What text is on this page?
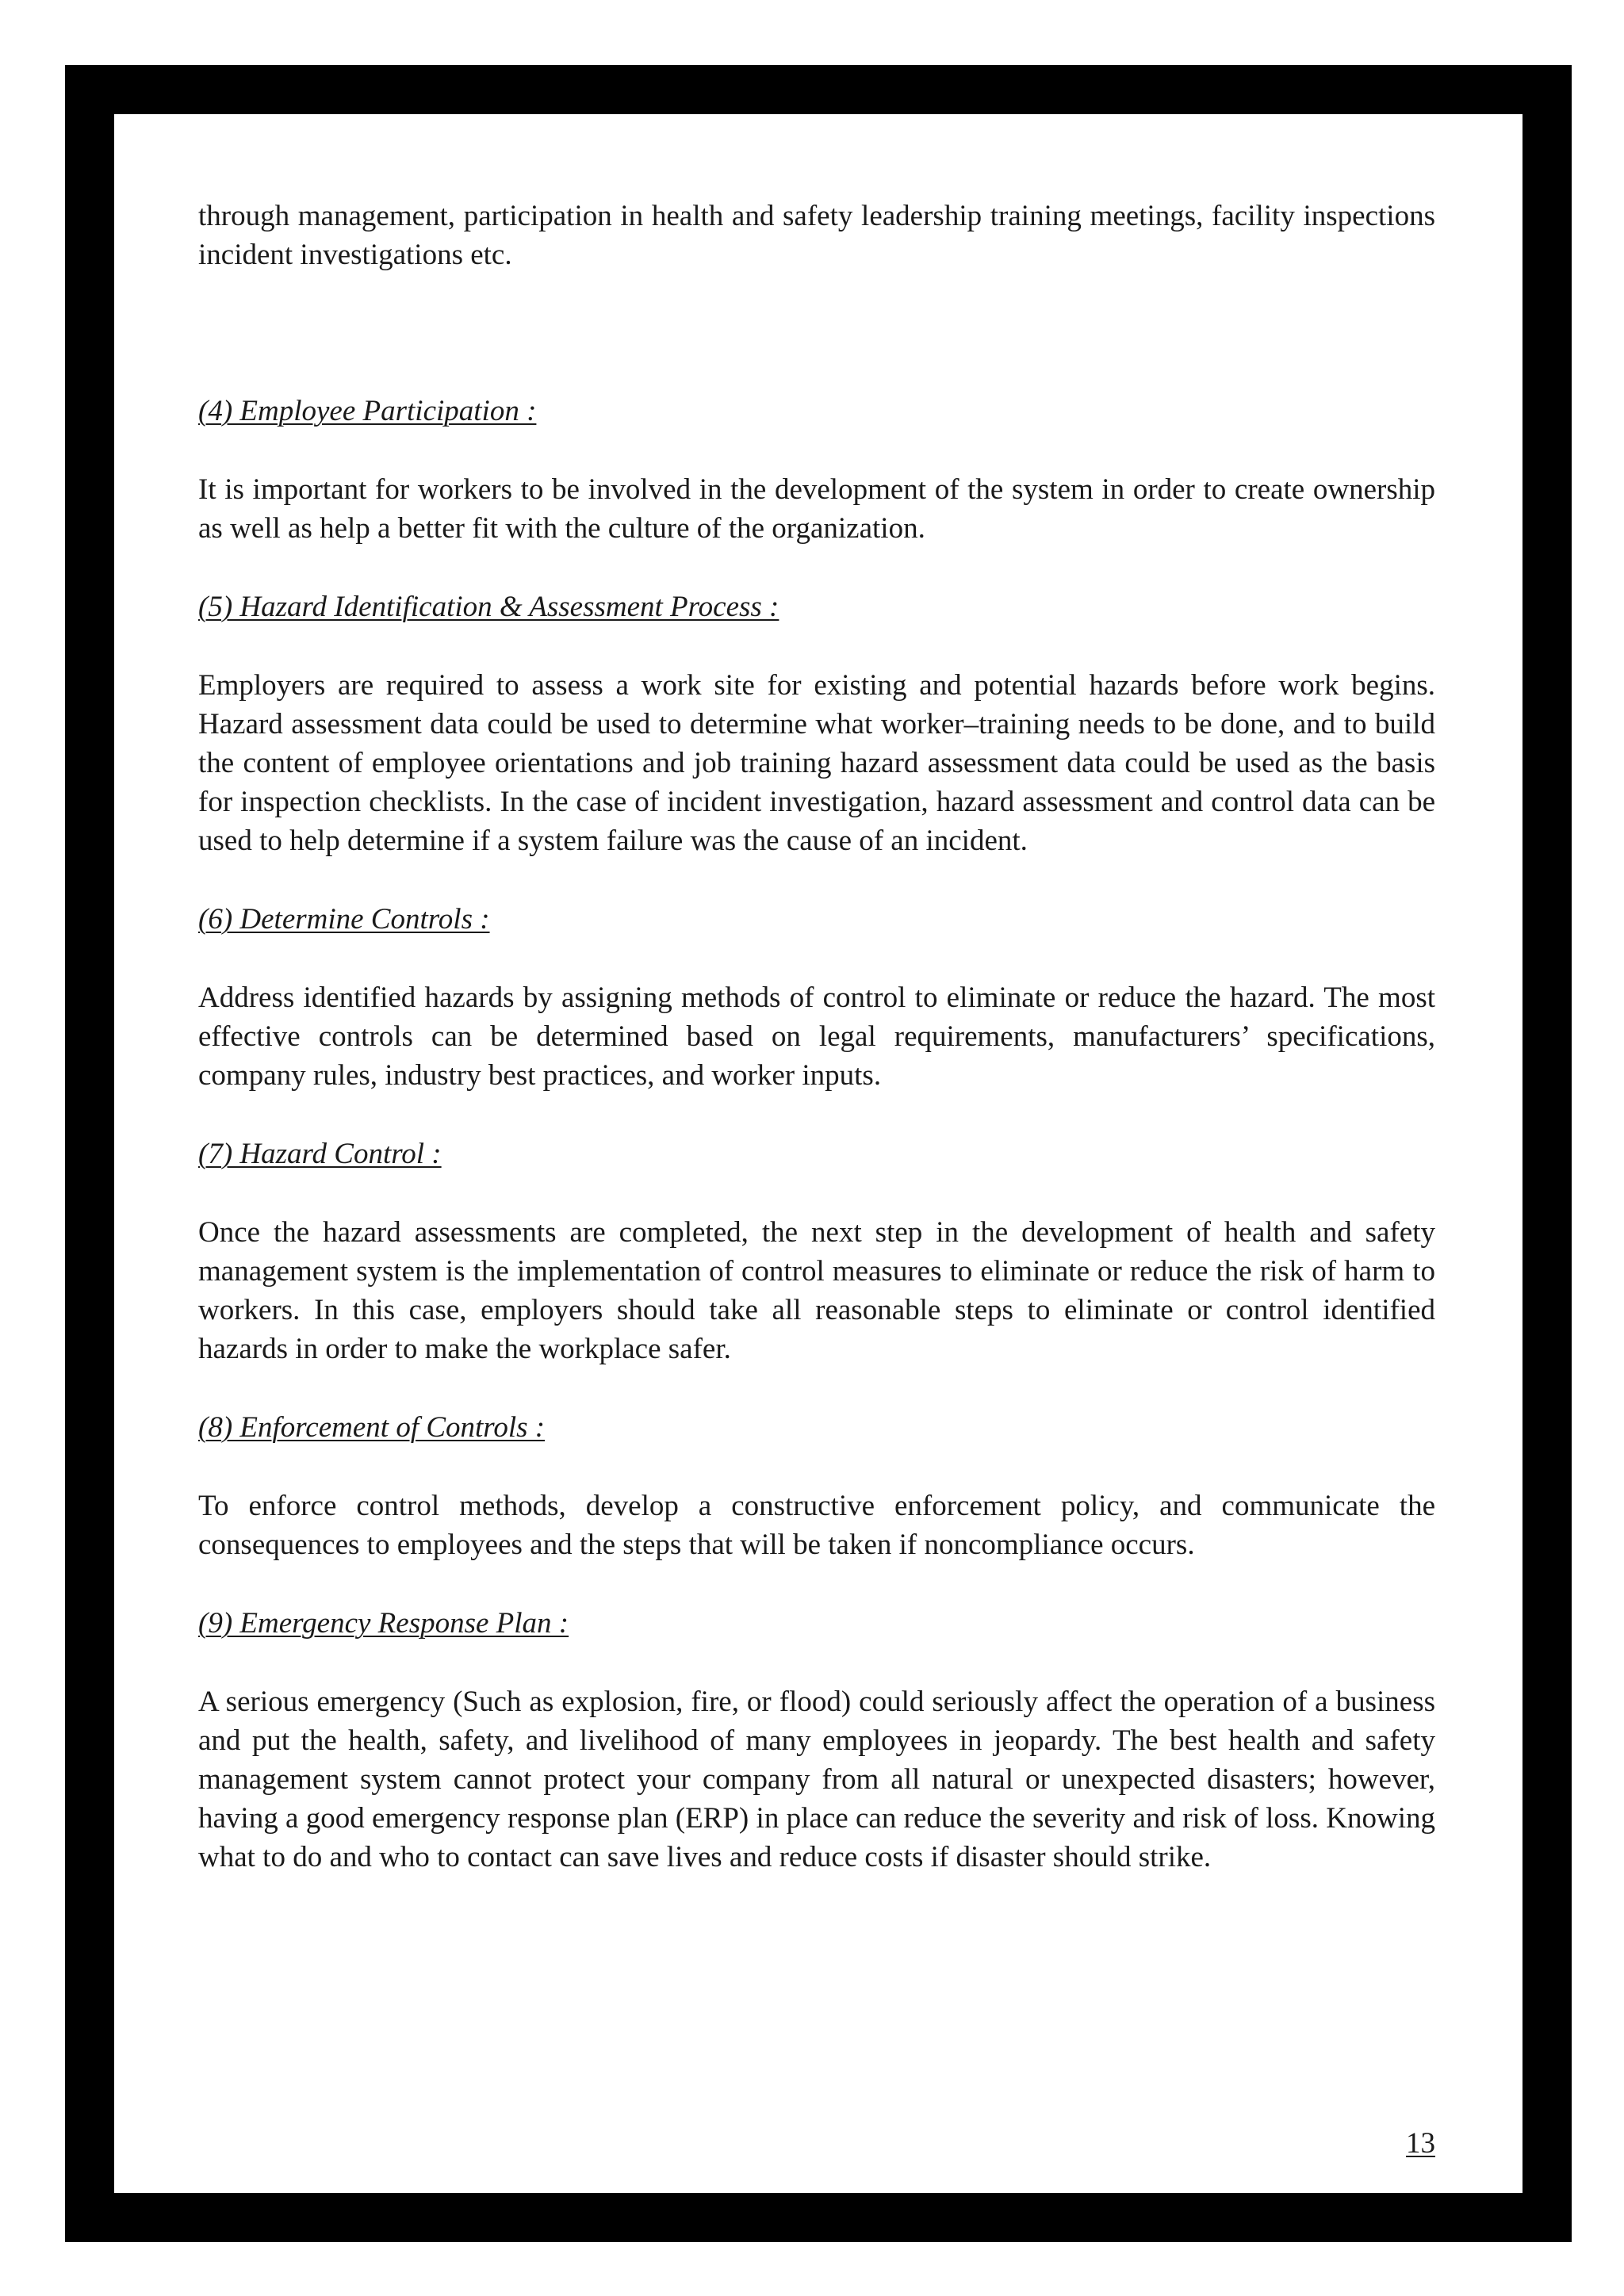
through management, participation in health and safety leadership training meetings, facility inspections incident investigations etc.

(4) Employee Participation :

It is important for workers to be involved in the development of the system in order to create ownership as well as help a better fit with the culture of the organization.

(5) Hazard Identification & Assessment Process :

Employers are required to assess a work site for existing and potential hazards before work begins. Hazard assessment data could be used to determine what worker–training needs to be done, and to build the content of employee orientations and job training hazard assessment data could be used as the basis for inspection checklists. In the case of incident investigation, hazard assessment and control data can be used to help determine if a system failure was the cause of an incident.

(6) Determine Controls :

Address identified hazards by assigning methods of control to eliminate or reduce the hazard. The most effective controls can be determined based on legal requirements, manufacturers’ specifications, company rules, industry best practices, and worker inputs.

(7) Hazard Control :

Once the hazard assessments are completed, the next step in the development of health and safety management system is the implementation of control measures to eliminate or reduce the risk of harm to workers. In this case, employers should take all reasonable steps to eliminate or control identified hazards in order to make the workplace safer.

(8) Enforcement of Controls :

To enforce control methods, develop a constructive enforcement policy, and communicate the consequences to employees and the steps that will be taken if noncompliance occurs.

(9) Emergency Response Plan :

A serious emergency (Such as explosion, fire, or flood) could seriously affect the operation of a business and put the health, safety, and livelihood of many employees in jeopardy. The best health and safety management system cannot protect your company from all natural or unexpected disasters; however, having a good emergency response plan (ERP) in place can reduce the severity and risk of loss. Knowing what to do and who to contact can save lives and reduce costs if disaster should strike.

13
